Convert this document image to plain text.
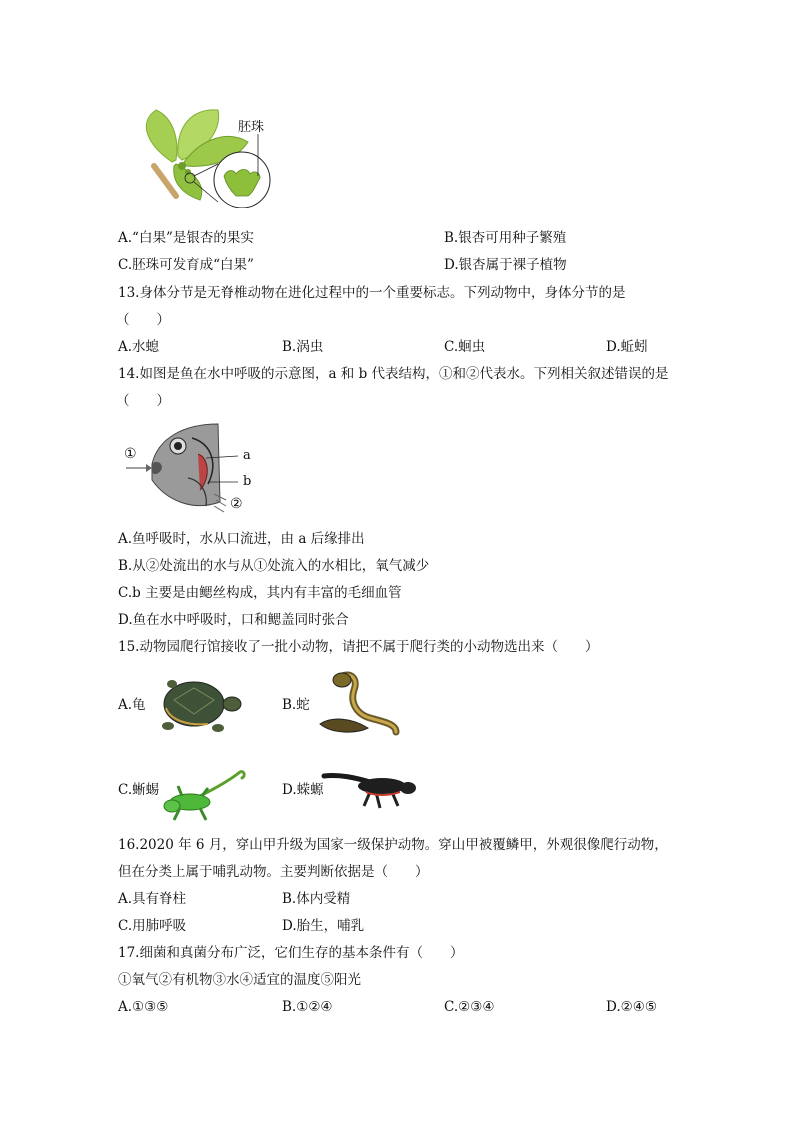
胚珠
A.“白果”是银杏的果实	B.银杏可用种子繁殖
C.胚珠可发育成“白果”	D.银杏属于裸子植物
13.身体分节是无脊椎动物在进化过程中的一个重要标志。下列动物中，身体分节的是
（　　）
A.水螅	B.涡虫	C.蛔虫	D.蚯蚓
14.如图是鱼在水中呼吸的示意图，a 和 b 代表结构，①和②代表水。下列相关叙述错误的是
（　　）
①	a
b
②
A.鱼呼吸时，水从口流进，由 a 后缘排出
B.从②处流出的水与从①处流入的水相比，氧气减少
C.b 主要是由鳃丝构成，其内有丰富的毛细血管
D.鱼在水中呼吸时，口和鳃盖同时张合
15.动物园爬行馆接收了一批小动物，请把不属于爬行类的小动物选出来（　　）
A.龟	B.蛇
C.蜥蜴	D.蝾螈
16.2020 年 6 月，穿山甲升级为国家一级保护动物。穿山甲被覆鳞甲，外观很像爬行动物，
但在分类上属于哺乳动物。主要判断依据是（　　）
A.具有脊柱	B.体内受精
C.用肺呼吸	D.胎生，哺乳
17.细菌和真菌分布广泛，它们生存的基本条件有（　　）
①氧气②有机物③水④适宜的温度⑤阳光
A.①③⑤	B.①②④	C.②③④	D.②④⑤
